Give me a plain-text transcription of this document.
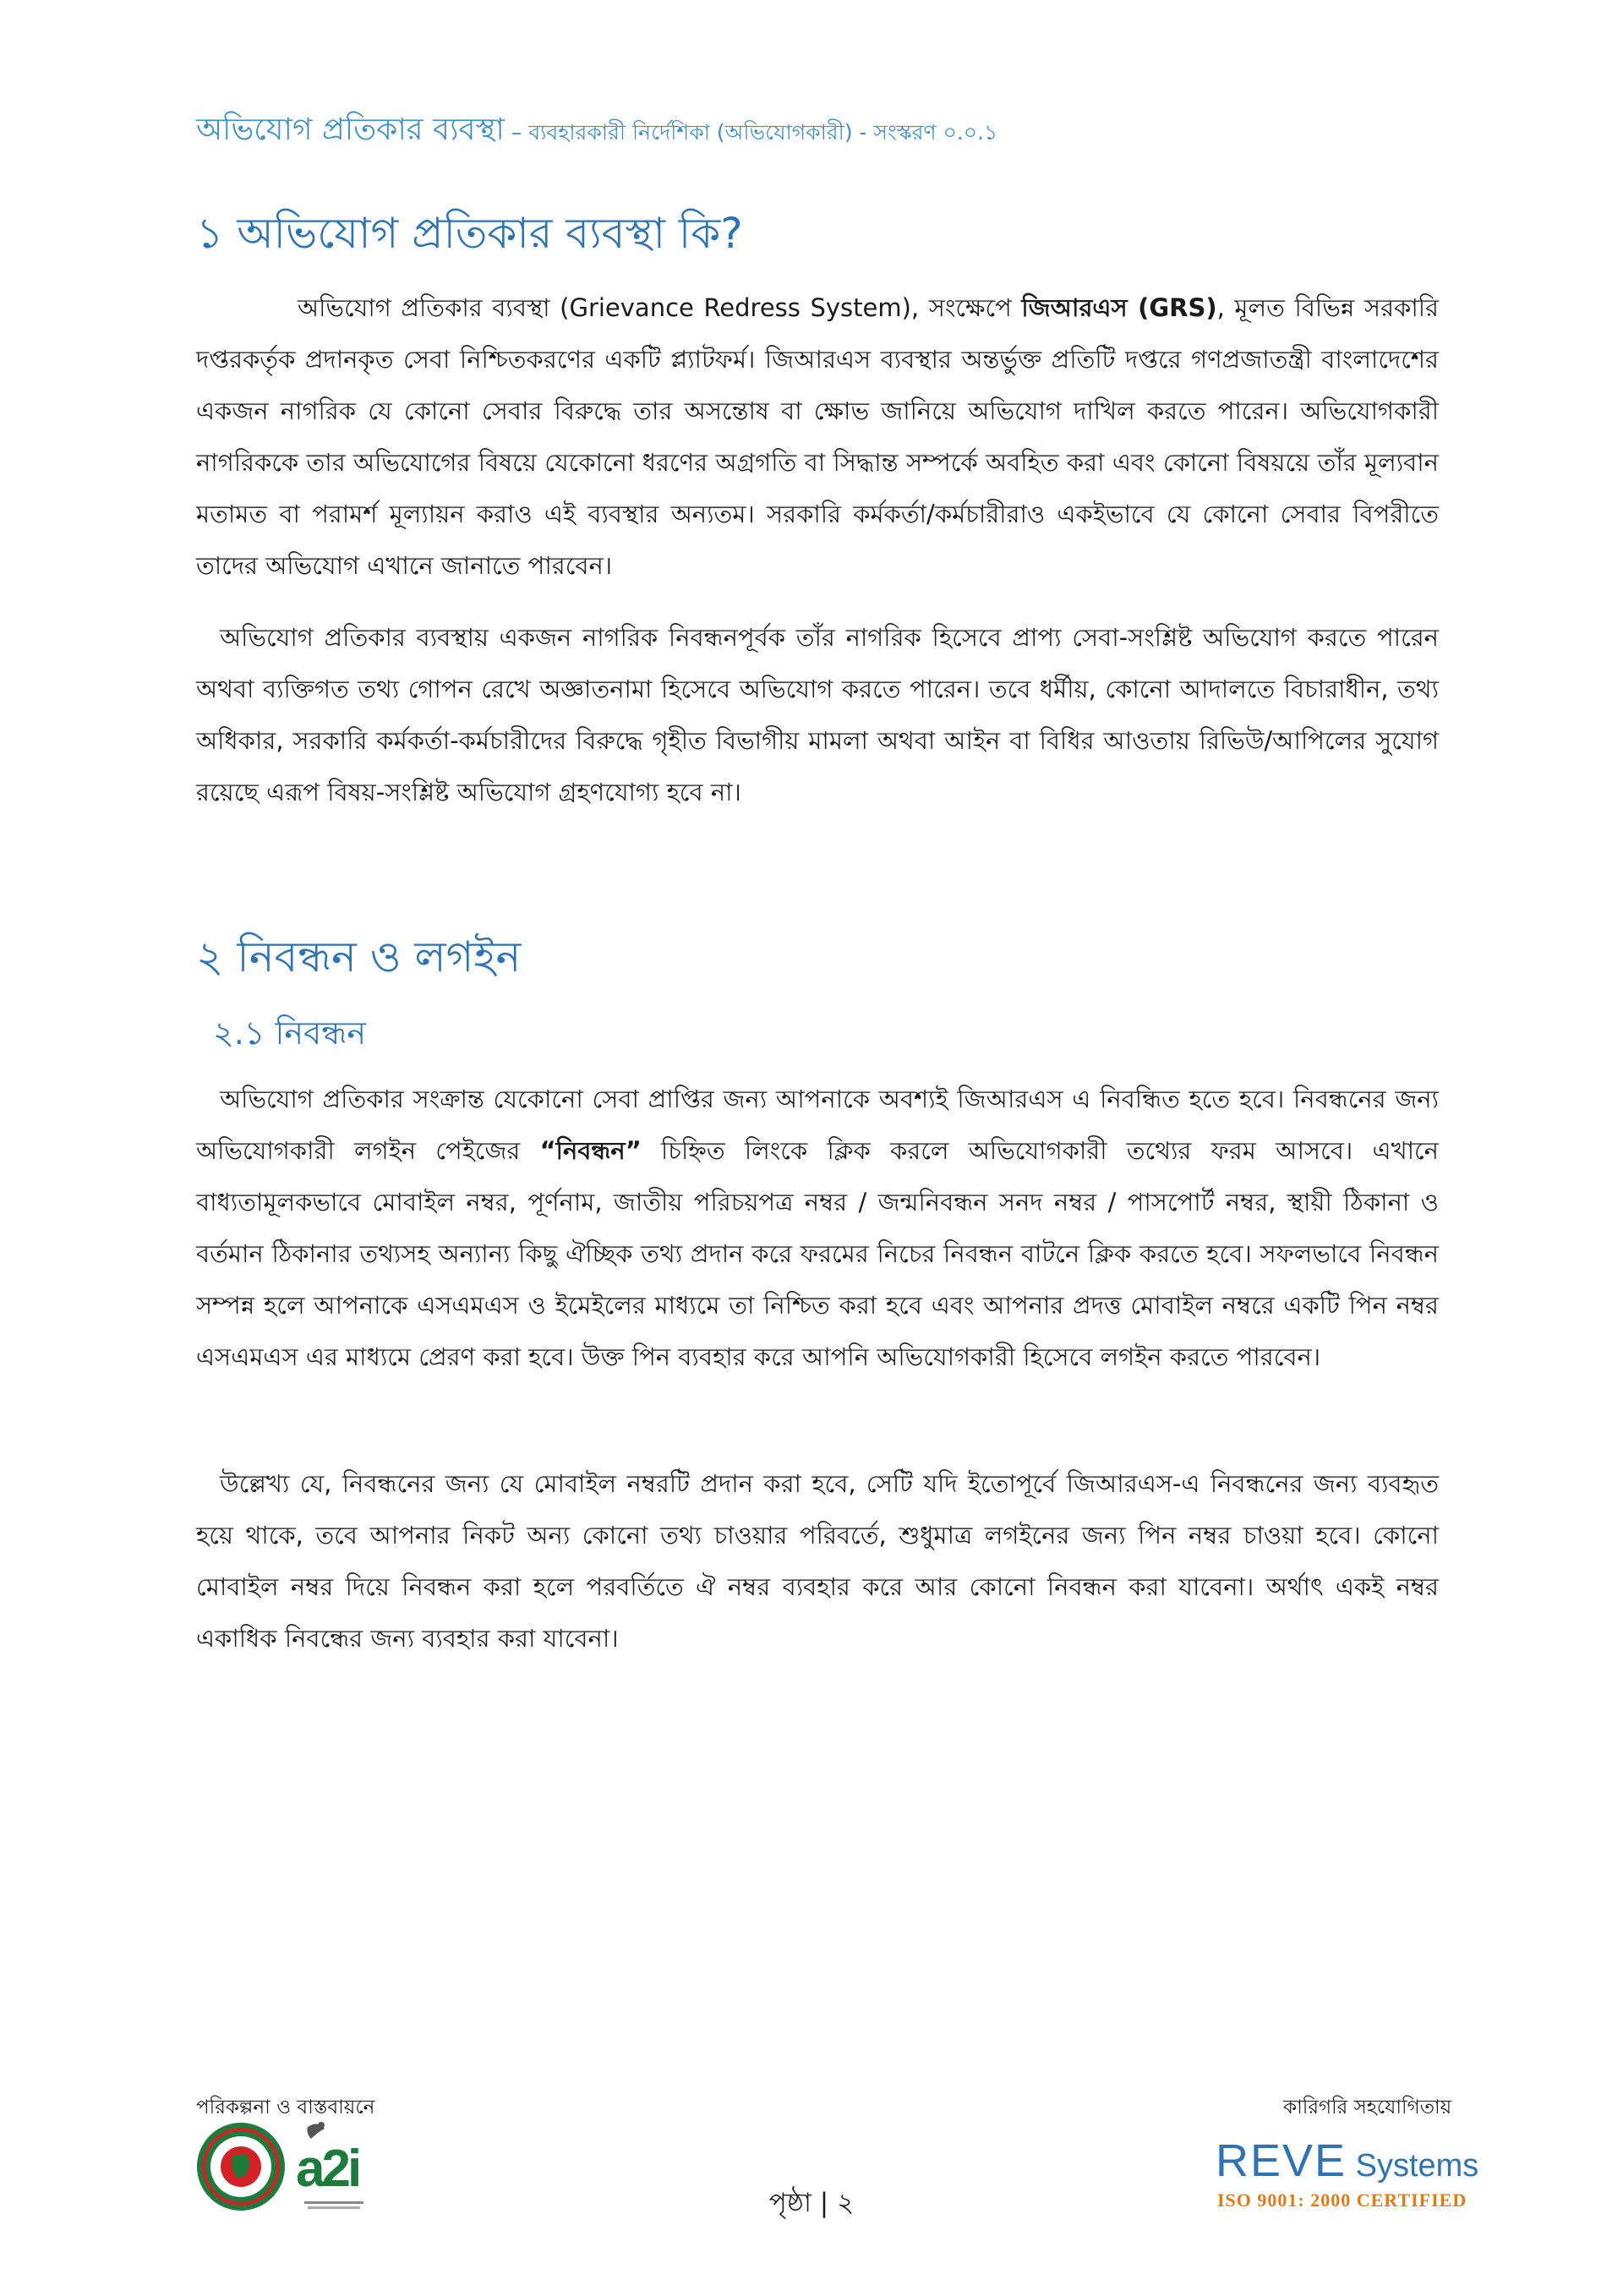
অভিযোগ প্রতিকার ব্যবস্থা – ব্যবহারকারী নির্দেশিকা (অভিযোগকারী) - সংস্করণ ০.০.১
১ অভিযোগ প্রতিকার ব্যবস্থা কি?

অভিযোগ প্রতিকার ব্যবস্থা (Grievance Redress System), সংক্ষেপে জিআরএস (GRS), মূলত বিভিন্ন সরকারি দপ্তরকর্তৃক প্রদানকৃত সেবা নিশ্চিতকরণের একটি প্ল্যাটফর্ম। জিআরএস ব্যবস্থার অন্তর্ভুক্ত প্রতিটি দপ্তরে গণপ্রজাতন্ত্রী বাংলাদেশের একজন নাগরিক যে কোনো সেবার বিরুদ্ধে তার অসন্তোষ বা ক্ষোভ জানিয়ে অভিযোগ দাখিল করতে পারেন। অভিযোগকারী নাগরিককে তার অভিযোগের বিষয়ে যেকোনো ধরণের অগ্রগতি বা সিদ্ধান্ত সম্পর্কে অবহিত করা এবং কোনো বিষয়য়ে তাঁর মূল্যবান মতামত বা পরামর্শ মূল্যায়ন করাও এই ব্যবস্থার অন্যতম। সরকারি কর্মকর্তা/কর্মচারীরাও একইভাবে যে কোনো সেবার বিপরীতে তাদের অভিযোগ এখানে জানাতে পারবেন।

অভিযোগ প্রতিকার ব্যবস্থায় একজন নাগরিক নিবন্ধনপূর্বক তাঁর নাগরিক হিসেবে প্রাপ্য সেবা-সংশ্লিষ্ট অভিযোগ করতে পারেন অথবা ব্যক্তিগত তথ্য গোপন রেখে অজ্ঞাতনামা হিসেবে অভিযোগ করতে পারেন। তবে ধর্মীয়, কোনো আদালতে বিচারাধীন, তথ্য অধিকার, সরকারি কর্মকর্তা-কর্মচারীদের বিরুদ্ধে গৃহীত বিভাগীয় মামলা অথবা আইন বা বিধির আওতায় রিভিউ/আপিলের সুযোগ রয়েছে এরূপ বিষয়-সংশ্লিষ্ট অভিযোগ গ্রহণযোগ্য হবে না।

২ নিবন্ধন ও লগইন
২.১ নিবন্ধন

অভিযোগ প্রতিকার সংক্রান্ত যেকোনো সেবা প্রাপ্তির জন্য আপনাকে অবশ্যই জিআরএস এ নিবন্ধিত হতে হবে। নিবন্ধনের জন্য অভিযোগকারী লগইন পেইজের “নিবন্ধন” চিহ্নিত লিংকে ক্লিক করলে অভিযোগকারী তথ্যের ফরম আসবে। এখানে বাধ্যতামূলকভাবে মোবাইল নম্বর, পূর্ণনাম, জাতীয় পরিচয়পত্র নম্বর / জন্মনিবন্ধন সনদ নম্বর / পাসপোর্ট নম্বর, স্থায়ী ঠিকানা ও বর্তমান ঠিকানার তথ্যসহ অন্যান্য কিছু ঐচ্ছিক তথ্য প্রদান করে ফরমের নিচের নিবন্ধন বাটনে ক্লিক করতে হবে। সফলভাবে নিবন্ধন সম্পন্ন হলে আপনাকে এসএমএস ও ইমেইলের মাধ্যমে তা নিশ্চিত করা হবে এবং আপনার প্রদত্ত মোবাইল নম্বরে একটি পিন নম্বর এসএমএস এর মাধ্যমে প্রেরণ করা হবে। উক্ত পিন ব্যবহার করে আপনি অভিযোগকারী হিসেবে লগইন করতে পারবেন।

উল্লেখ্য যে, নিবন্ধনের জন্য যে মোবাইল নম্বরটি প্রদান করা হবে, সেটি যদি ইতোপূর্বে জিআরএস-এ নিবন্ধনের জন্য ব্যবহৃত হয়ে থাকে, তবে আপনার নিকট অন্য কোনো তথ্য চাওয়ার পরিবর্তে, শুধুমাত্র লগইনের জন্য পিন নম্বর চাওয়া হবে। কোনো মোবাইল নম্বর দিয়ে নিবন্ধন করা হলে পরবর্তিতে ঐ নম্বর ব্যবহার করে আর কোনো নিবন্ধন করা যাবেনা। অর্থাৎ একই নম্বর একাধিক নিবন্ধের জন্য ব্যবহার করা যাবেনা।

পরিকল্পনা ও বাস্তবায়নে	কারিগরি সহযোগিতায়
a2i
পৃষ্ঠা | ২
REVE Systems
ISO 9001: 2000 CERTIFIED
